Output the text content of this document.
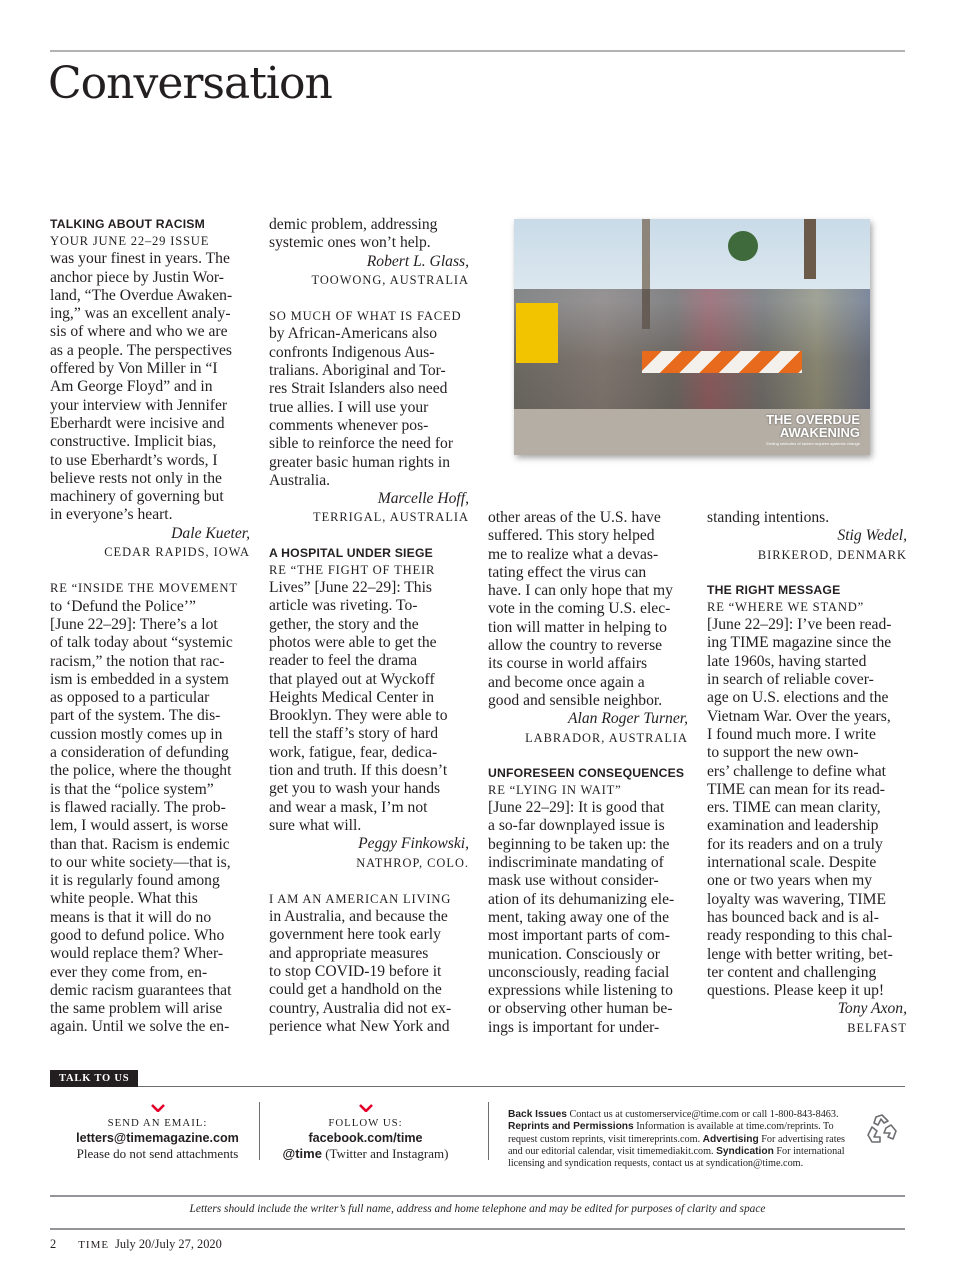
Conversation
TALKING ABOUT RACISM
YOUR JUNE 22–29 ISSUE
was your finest in years. The
anchor piece by Justin Wor-
land, “The Overdue Awaken-
ing,” was an excellent analy-
sis of where and who we are
as a people. The perspectives
offered by Von Miller in “I
Am George Floyd” and in
your interview with Jennifer
Eberhardt were incisive and
constructive. Implicit bias,
to use Eberhardt’s words, I
believe rests not only in the
machinery of governing but
in everyone’s heart.
Dale Kueter,
CEDAR RAPIDS, IOWA
RE “INSIDE THE MOVEMENT
to ‘Defund the Police’”
[June 22–29]: There’s a lot
of talk today about “systemic
racism,” the notion that rac-
ism is embedded in a system
as opposed to a particular
part of the system. The dis-
cussion mostly comes up in
a consideration of defunding
the police, where the thought
is that the “police system”
is flawed racially. The prob-
lem, I would assert, is worse
than that. Racism is endemic
to our white society—that is,
it is regularly found among
white people. What this
means is that it will do no
good to defund police. Who
would replace them? Wher-
ever they come from, en-
demic racism guarantees that
the same problem will arise
again. Until we solve the en-
demic problem, addressing
systemic ones won’t help.
Robert L. Glass,
TOOWONG, AUSTRALIA
SO MUCH OF WHAT IS FACED
by African-Americans also
confronts Indigenous Aus-
tralians. Aboriginal and Tor-
res Strait Islanders also need
true allies. I will use your
comments whenever pos-
sible to reinforce the need for
greater basic human rights in
Australia.
Marcelle Hoff,
TERRIGAL, AUSTRALIA
A HOSPITAL UNDER SIEGE
RE “THE FIGHT OF THEIR
Lives” [June 22–29]: This
article was riveting. To-
gether, the story and the
photos were able to get the
reader to feel the drama
that played out at Wyckoff
Heights Medical Center in
Brooklyn. They were able to
tell the staff’s story of hard
work, fatigue, fear, dedica-
tion and truth. If this doesn’t
get you to wash your hands
and wear a mask, I’m not
sure what will.
Peggy Finkowski,
NATHROP, COLO.
I AM AN AMERICAN LIVING
in Australia, and because the
government here took early
and appropriate measures
to stop COVID-19 before it
could get a handhold on the
country, Australia did not ex-
perience what New York and
other areas of the U.S. have
suffered. This story helped
me to realize what a devas-
tating effect the virus can
have. I can only hope that my
vote in the coming U.S. elec-
tion will matter in helping to
allow the country to reverse
its course in world affairs
and become once again a
good and sensible neighbor.
Alan Roger Turner,
LABRADOR, AUSTRALIA
UNFORESEEN CONSEQUENCES
RE “LYING IN WAIT”
[June 22–29]: It is good that
a so-far downplayed issue is
beginning to be taken up: the
indiscriminate mandating of
mask use without consider-
ation of its dehumanizing ele-
ment, taking away one of the
most important parts of com-
munication. Consciously or
unconsciously, reading facial
expressions while listening to
or observing other human be-
ings is important for under-
standing intentions.
Stig Wedel,
BIRKEROD, DENMARK
THE RIGHT MESSAGE
RE “WHERE WE STAND”
[June 22–29]: I’ve been read-
ing TIME magazine since the
late 1960s, having started
in search of reliable cover-
age on U.S. elections and the
Vietnam War. Over the years,
I found much more. I write
to support the new own-
ers’ challenge to define what
TIME can mean for its read-
ers. TIME can mean clarity,
examination and leadership
for its readers and on a truly
international scale. Despite
one or two years when my
loyalty was wavering, TIME
has bounced back and is al-
ready responding to this chal-
lenge with better writing, bet-
ter content and challenging
questions. Please keep it up!
Tony Axon,
BELFAST
THE OVERDUE
AWAKENING
Ending centuries of racism requires systemic change
TALK TO US
SEND AN EMAIL:
letters@timemagazine.com
Please do not send attachments
FOLLOW US:
facebook.com/time
@time (Twitter and Instagram)
Back Issues Contact us at customerservice@time.com or call 1-800-843-8463. Reprints and Permissions Information is available at time.com/reprints. To request custom reprints, visit timereprints.com. Advertising For advertising rates and our editorial calendar, visit timemediakit.com. Syndication For international licensing and syndication requests, contact us at syndication@time.com.
Letters should include the writer’s full name, address and home telephone and may be edited for purposes of clarity and space
2 TIME July 20/July 27, 2020
